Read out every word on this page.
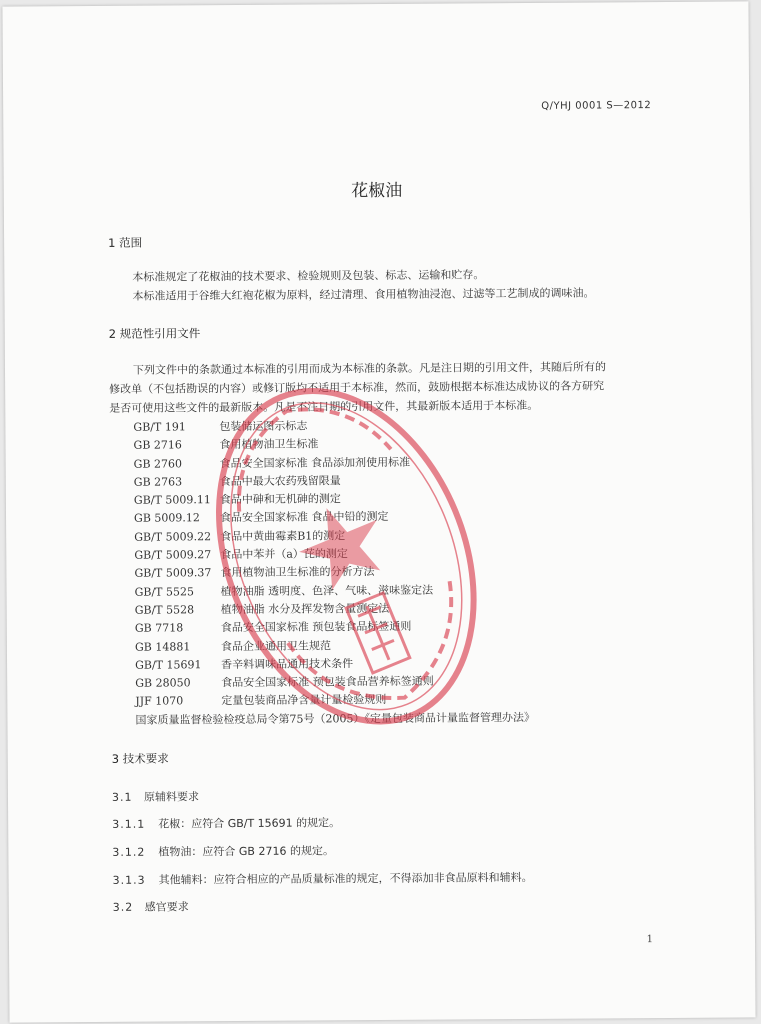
Q/YHJ 0001 S—2012
花椒油
1 范围
本标准规定了花椒油的技术要求、检验规则及包装、标志、运输和贮存。
本标准适用于谷维大红袍花椒为原料，经过清理、食用植物油浸泡、过滤等工艺制成的调味油。
2 规范性引用文件
下列文件中的条款通过本标准的引用而成为本标准的条款。凡是注日期的引用文件，其随后所有的
修改单（不包括勘误的内容）或修订版均不适用于本标准，然而，鼓励根据本标准达成协议的各方研究
是否可使用这些文件的最新版本。凡是不注日期的引用文件，其最新版本适用于本标准。
GB/T 191	包装储运图示标志
GB 2716	食用植物油卫生标准
GB 2760	食品安全国家标准 食品添加剂使用标准
GB 2763	食品中最大农药残留限量
GB/T 5009.11 食品中砷和无机砷的测定
GB 5009.12 食品安全国家标准 食品中铅的测定
GB/T 5009.22 食品中黄曲霉素B1的测定
GB/T 5009.27 食品中苯并（a）芘的测定
GB/T 5009.37 食用植物油卫生标准的分析方法
GB/T 5525 植物油脂 透明度、色泽、气味、滋味鉴定法
GB/T 5528 植物油脂 水分及挥发物含量测定法
GB 7718	食品安全国家标准 预包装食品标签通则
GB 14881	食品企业通用卫生规范
GB/T 15691 香辛料调味品通用技术条件
GB 28050	食品安全国家标准 预包装食品营养标签通则
JJF 1070	定量包装商品净含量计量检验规则
国家质量监督检验检疫总局令第75号（2005）《定量包装商品计量监督管理办法》
3 技术要求
3.1 原辅料要求
3.1.1 花椒：应符合 GB/T 15691 的规定。
3.1.2 植物油：应符合 GB 2716 的规定。
3.1.3 其他辅料：应符合相应的产品质量标准的规定，不得添加非食品原料和辅料。
3.2 感官要求
1
